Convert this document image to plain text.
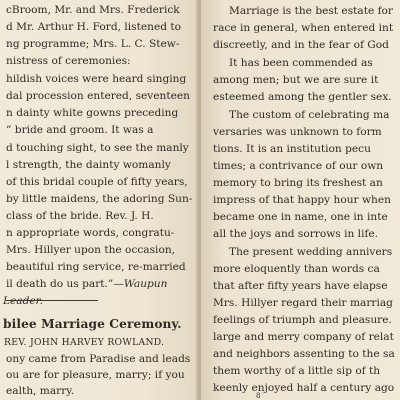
cBroom, Mr. and Mrs. Frederick
d Mr. Arthur H. Ford, listened to
ng programme; Mrs. L. C. Stew-
nistress of ceremonies:
hildish voices were heard singing
dal procession entered, seventeen
n dainty white gowns preceding
” bride and groom. It was a
d touching sight, to see the manly
l strength, the dainty womanly
of this bridal couple of fifty years,
by little maidens, the adoring Sun-
class of the bride. Rev. J. H.
n appropriate words, congratu-
Mrs. Hillyer upon the occasion,
beautiful ring service, re-married
il death do us part.”—Waupun
Leader.
bilee Marriage Ceremony.
REV. JOHN HARVEY ROWLAND.
ony came from Paradise and leads
ou are for pleasure, marry; if you
ealth, marry.
Marriage is the best estate for
race in general, when entered int
discreetly, and in the fear of God
It has been commended as
among men; but we are sure it
esteemed among the gentler sex.
The custom of celebrating ma
versaries was unknown to form
tions. It is an institution pecu
times; a contrivance of our own
memory to bring its freshest an
impress of that happy hour when
became one in name, one in inte
all the joys and sorrows in life.
The present wedding annivers
more eloquently than words ca
that after fifty years have elapse
Mrs. Hillyer regard their marriag
feelings of triumph and pleasure.
large and merry company of relat
and neighbors assenting to the sa
them worthy of a little sip of th
keenly enjoyed half a century ago
8
